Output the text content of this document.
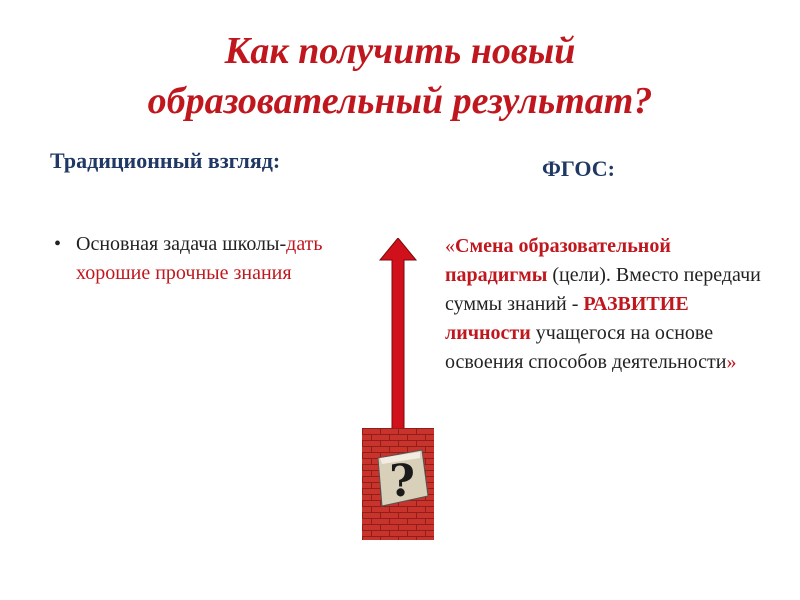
Как получить новый
образовательный результат?
Традиционный взгляд:	ФГОС:
• Основная задача школы-дать хорошие прочные знания
«Смена образовательной парадигмы (цели). Вместо передачи суммы знаний - РАЗВИТИЕ личности учащегося на основе освоения способов деятельности»
?
